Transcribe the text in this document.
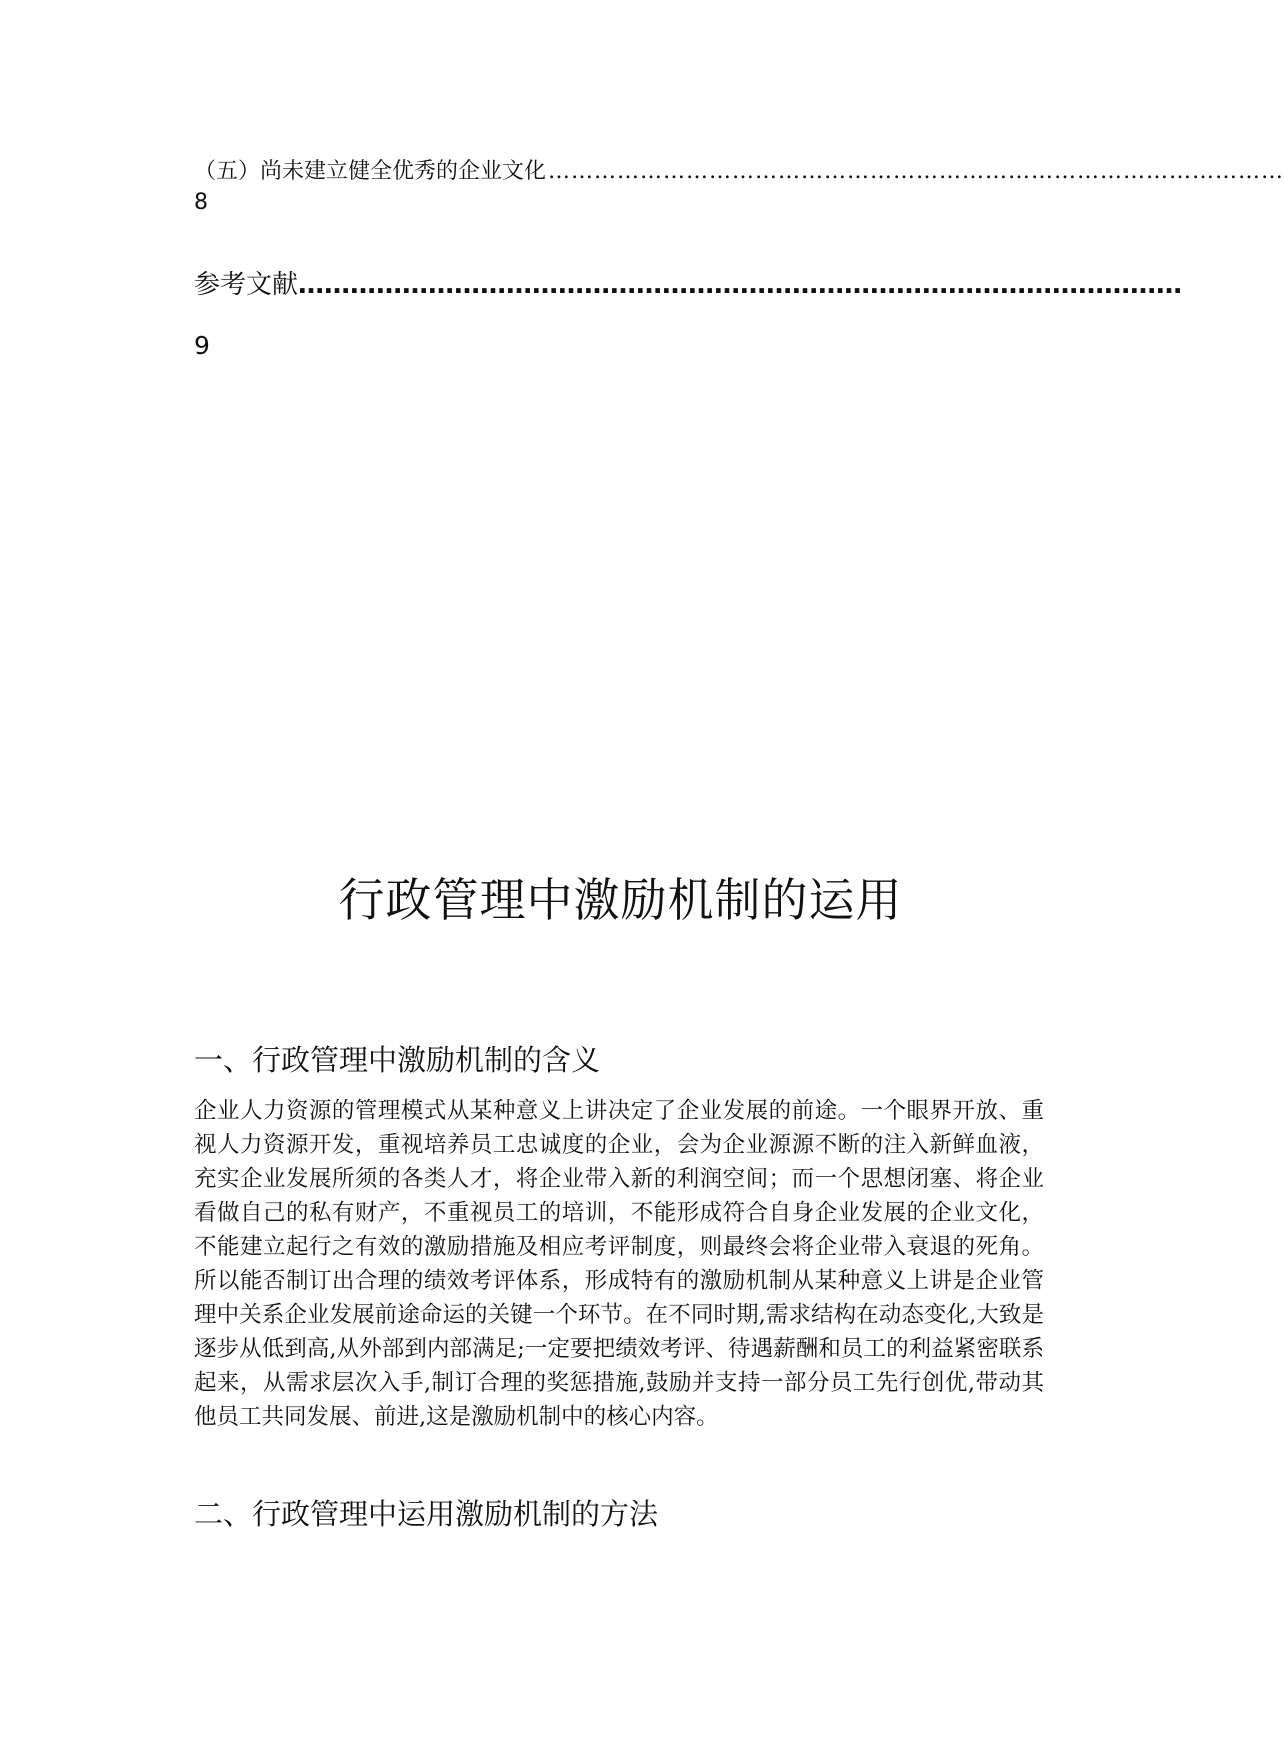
（五）尚未建立健全优秀的企业文化 ……………………………………………………………………………………
8
参考文献 …………………………………………………………………………………………
9
行政管理中激励机制的运用
一、行政管理中激励机制的含义
企业人力资源的管理模式从某种意义上讲决定了企业发展的前途。一个眼界开放、重视人力资源开发，重视培养员工忠诚度的企业，会为企业源源不断的注入新鲜血液，充实企业发展所须的各类人才，将企业带入新的利润空间；而一个思想闭塞、将企业看做自己的私有财产，不重视员工的培训，不能形成符合自身企业发展的企业文化，不能建立起行之有效的激励措施及相应考评制度，则最终会将企业带入衰退的死角。所以能否制订出合理的绩效考评体系，形成特有的激励机制从某种意义上讲是企业管理中关系企业发展前途命运的关键一个环节。在不同时期,需求结构在动态变化,大致是逐步从低到高,从外部到内部满足;一定要把绩效考评、待遇薪酬和员工的利益紧密联系起来，从需求层次入手,制订合理的奖惩措施,鼓励并支持一部分员工先行创优,带动其他员工共同发展、前进,这是激励机制中的核心内容。
二、行政管理中运用激励机制的方法
